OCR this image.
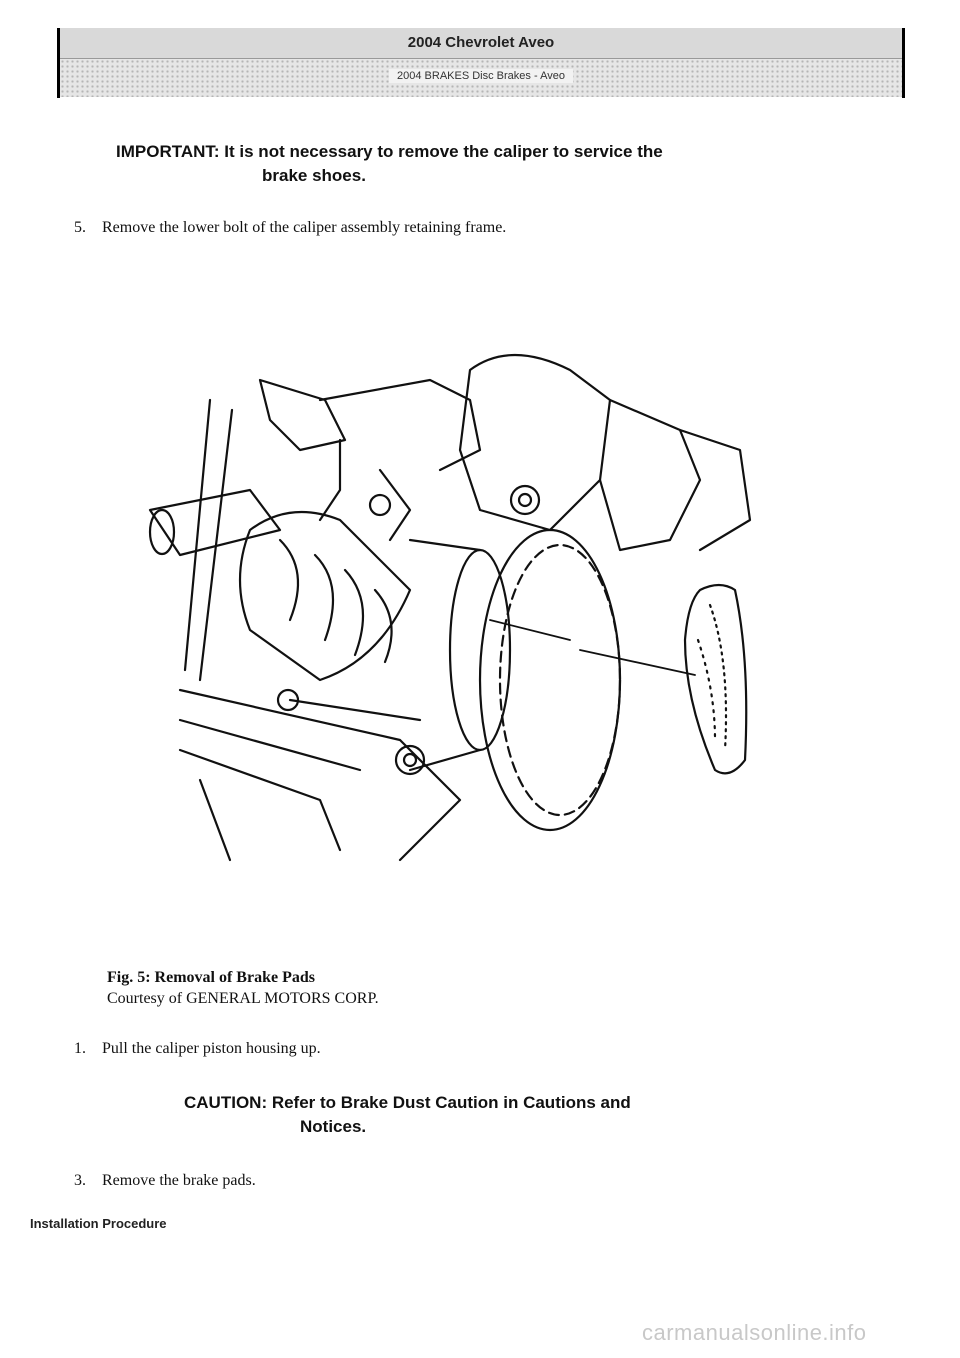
2004 Chevrolet Aveo
2004 BRAKES Disc Brakes - Aveo
IMPORTANT: It is not necessary to remove the caliper to service the
brake shoes.
5. Remove the lower bolt of the caliper assembly retaining frame.
Fig. 5: Removal of Brake Pads
Courtesy of GENERAL MOTORS CORP.
1. Pull the caliper piston housing up.
CAUTION: Refer to Brake Dust Caution in Cautions and
Notices.
3. Remove the brake pads.
Installation Procedure
carmanualsonline.info
